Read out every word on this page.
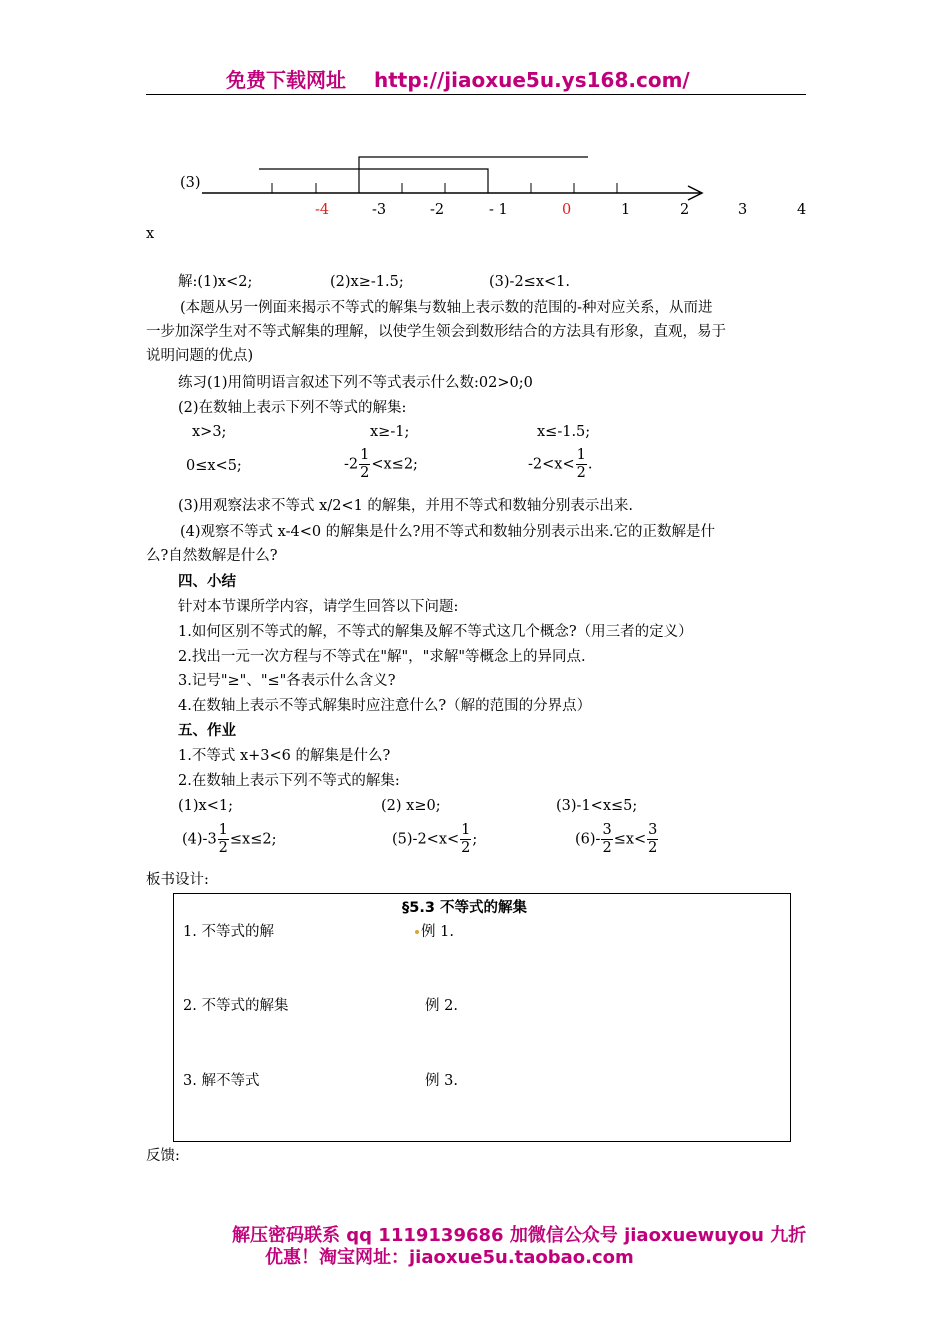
免费下载网址 http://jiaoxue5u.ys168.com/
(3)
-4	-3	-2	- 1	0	1	2	3	4
x
解:(1)x<2;	(2)x≥-1.5;	(3)-2≤x<1.
(本题从另一例面来揭示不等式的解集与数轴上表示数的范围的-种对应关系，从而进
一步加深学生对不等式解集的理解，以使学生领会到数形结合的方法具有形象，直观，易于
说明问题的优点)
练习(1)用简明语言叙述下列不等式表示什么数:02>0;0
(2)在数轴上表示下列不等式的解集:
x>3;	x≥-1;	x≤-1.5;
0≤x<5;	$-2 \frac{1}{2} <x\le 2$;	$-2<x< \frac{1}{2}$ .
(3)用观察法求不等式 x/2<1 的解集，并用不等式和数轴分别表示出来.
(4)观察不等式 x-4<0 的解集是什么?用不等式和数轴分别表示出来.它的正数解是什
么?自然数解是什么?
四、小结
针对本节课所学内容，请学生回答以下问题:
1.如何区别不等式的解，不等式的解集及解不等式这几个概念?（用三者的定义）
2.找出一元一次方程与不等式在"解"，"求解"等概念上的异同点.
3.记号"≥"、"≤"各表示什么含义?
4.在数轴上表示不等式解集时应注意什么?（解的范围的分界点）
五、作业
1.不等式 x+3<6 的解集是什么?
2.在数轴上表示下列不等式的解集:
(1)x<1;	(2) x≥0;	(3)-1<x≤5;
$(4)-3 \frac{1}{2} \le x\le 2$;	$(5)-2<x< \frac{1}{2}$ ;	$(6)- \frac{3}{2} \le x< \frac{3}{2}$
板书设计:
§5.3 不等式的解集
1. 不等式的解	例 1.
2. 不等式的解集	例 2.
3. 解不等式	例 3.
反馈:
解压密码联系 qq 1119139686 加微信公众号 jiaoxuewuyou 九折
优惠！淘宝网址：jiaoxue5u.taobao.com
